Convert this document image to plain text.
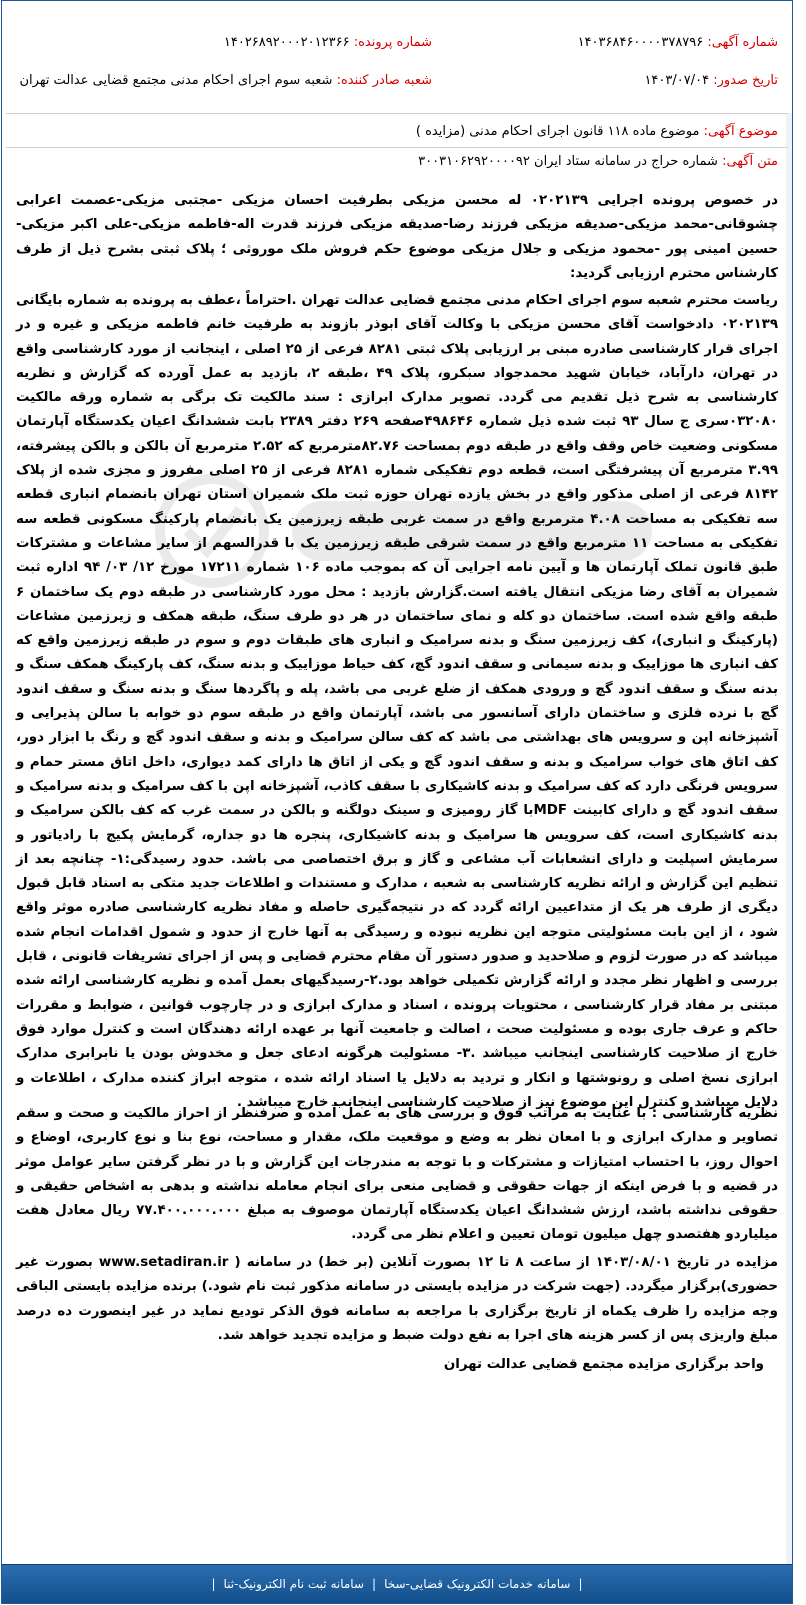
شماره آگهی: ۱۴۰۳۶۸۴۶۰۰۰۰۳۷۸۷۹۶
شماره پرونده: ۱۴۰۲۶۸۹۲۰۰۰۲۰۱۲۳۶۶
تاریخ صدور: ۱۴۰۳/۰۷/۰۴
شعبه صادر کننده: شعبه سوم اجرای احکام مدنی مجتمع قضایی عدالت تهران
موضوع آگهی: موضوع ماده ۱۱۸ قانون اجرای احکام مدنی (مزایده )
متن آگهی: شماره حراج در سامانه ستاد ایران ۳۰۰۳۱۰۶۲۹۲۰۰۰۰۹۲
در خصوص پرونده اجرایی ۰۲۰۲۱۳۹ له محسن مزیکی بطرفیت احسان مزیکی -مجتبی مزیکی-عصمت اعرابی چشوقانی-محمد مزیکی-صدیقه مزیکی فرزند رضا-صدیقه مزیکی فرزند قدرت اله-فاطمه مزیکی-علی اکبر مزیکی-حسین امینی پور -محمود مزیکی و جلال مزیکی موضوع حکم فروش ملک موروثی ؛ پلاک ثبتی بشرح ذیل از طرف کارشناس محترم ارزیابی گردید:
ریاست محترم شعبه سوم اجرای احکام مدنی مجتمع قضایی عدالت تهران .احتراماً ،عطف به پرونده به شماره بایگانی ۰۲۰۲۱۳۹ دادخواست آقای محسن مزیکی با وکالت آقای ابوذر بازوند به طرفیت خانم فاطمه مزیکی و غیره و در اجرای قرار کارشناسی صادره مبنی بر ارزیابی پلاک ثبتی ۸۲۸۱ فرعی از ۲۵ اصلی ، اینجانب از مورد کارشناسی واقع در تهران، دارآباد، خیابان شهید محمدجواد سبکرو، پلاک ۴۹ ،طبقه ۲، بازدید به عمل آورده که گزارش و نظریه کارشناسی به شرح ذیل تقدیم می گردد. تصویر مدارک ابرازی : سند مالکیت تک برگی به شماره ورقه مالکیت ۰۳۲۰۸۰سری ج سال ۹۳ ثبت شده ذیل شماره ۴۹۸۶۴۶صفحه ۲۶۹ دفتر ۲۳۸۹ بابت ششدانگ اعیان یکدستگاه آپارتمان مسکونی وضعیت خاص وقف واقع در طبقه دوم بمساحت ۸۲.۷۶مترمربع که ۲.۵۲ مترمربع آن بالکن و بالکن پیشرفته، ۳.۹۹ مترمربع آن پیشرفتگی است، قطعه دوم تفکیکی شماره ۸۲۸۱ فرعی از ۲۵ اصلی مفروز و مجزی شده از پلاک ۸۱۴۲ فرعی از اصلی مذکور واقع در بخش یازده تهران حوزه ثبت ملک شمیران استان تهران بانضمام انباری قطعه سه تفکیکی به مساحت ۴.۰۸ مترمربع واقع در سمت غربی طبقه زیرزمین یک بانضمام پارکینگ مسکونی قطعه سه تفکیکی به مساحت ۱۱ مترمربع واقع در سمت شرقی طبقه زیرزمین یک با قدرالسهم از سایر مشاعات و مشترکات طبق قانون تملک آپارتمان ها و آیین نامه اجرایی آن که بموجب ماده ۱۰۶ شماره ۱۷۲۱۱ مورخ ۱۲/ ۰۳/ ۹۴ اداره ثبت شمیران به آقای رضا مزیکی انتقال یافته است.گزارش بازدید : محل مورد کارشناسی در طبقه دوم یک ساختمان ۶ طبقه واقع شده است. ساختمان دو کله و نمای ساختمان در هر دو طرف سنگ، طبقه همکف و زیرزمین مشاعات (پارکینگ و انباری)، کف زیرزمین سنگ و بدنه سرامیک و انباری های طبقات دوم و سوم در طبقه زیرزمین واقع که کف انباری ها موزاییک و بدنه سیمانی و سقف اندود گچ، کف حیاط موزاییک و بدنه سنگ، کف پارکینگ همکف سنگ و بدنه سنگ و سقف اندود گچ و ورودی همکف از ضلع غربی می باشد، پله و پاگردها سنگ و بدنه سنگ و سقف اندود گچ با نرده فلزی و ساختمان دارای آسانسور می باشد، آپارتمان واقع در طبقه سوم دو خوابه با سالن پذیرایی و آشپزخانه اپن و سرویس های بهداشتی می باشد که کف سالن سرامیک و بدنه و سقف اندود گچ و رنگ با ابزار دور، کف اتاق های خواب سرامیک و بدنه و سقف اندود گچ و یکی از اتاق ها دارای کمد دیواری، داخل اتاق مستر حمام و سرویس فرنگی دارد که کف سرامیک و بدنه کاشیکاری با سقف کاذب، آشپزخانه اپن با کف سرامیک و بدنه سرامیک و سقف اندود گچ و دارای کابینت MDFبا گاز رومیزی و سینک دولگنه و بالکن در سمت غرب که کف بالکن سرامیک و بدنه کاشیکاری است، کف سرویس ها سرامیک و بدنه کاشیکاری، پنجره ها دو جداره، گرمایش پکیج با رادیاتور و سرمایش اسپلیت و دارای انشعابات آب مشاعی و گاز و برق اختصاصی می باشد. حدود رسیدگی:۱- چنانچه بعد از تنظیم این گزارش و ارائه نظریه کارشناسی به شعبه ، مدارک و مستندات و اطلاعات جدید متکی به اسناد قابل قبول دیگری از طرف هر یک از متداعیین ارائه گردد که در نتیجه‌گیری حاصله و مفاد نظریه کارشناسی صادره موثر واقع شود ، از این بابت مسئولیتی متوجه این نظریه نبوده و رسیدگی به آنها خارج از حدود و شمول اقدامات انجام شده میباشد که در صورت لزوم و صلاحدید و صدور دستور آن مقام محترم قضایی و پس از اجرای تشریفات قانونی ، قابل بررسی و اظهار نظر مجدد و ارائه گزارش تکمیلی خواهد بود.۲-رسیدگیهای بعمل آمده و نظریه کارشناسی ارائه شده مبتنی بر مفاد قرار کارشناسی ، محتویات پرونده ، اسناد و مدارک ابرازی و در چارچوب قوانین ، ضوابط و مقررات حاکم و عرف جاری بوده و مسئولیت صحت ، اصالت و جامعیت آنها بر عهده ارائه دهندگان است و کنترل موارد فوق خارج از صلاحیت کارشناسی اینجانب میباشد .۳- مسئولیت هرگونه ادعای جعل و مخدوش بودن یا نابرابری مدارک ابرازی نسخ اصلی و رونوشتها و انکار و تردید به دلایل یا اسناد ارائه شده ، متوجه ابراز کننده مدارک ، اطلاعات و دلایل میباشد و کنترل این موضوع نیز از صلاحیت کارشناسی اینجانب خارج میباشد .
نظریه کارشناسی : با عنایت به مراتب فوق و بررسی های به عمل آمده و صرفنظر از احراز مالکیت و صحت و سقم تصاویر و مدارک ابرازی و با امعان نظر به وضع و موقعیت ملک، مقدار و مساحت، نوع بنا و نوع کاربری، اوضاع و احوال روز، با احتساب امتیازات و مشترکات و با توجه به مندرجات این گزارش و با در نظر گرفتن سایر عوامل موثر در قضیه و با فرض اینکه از جهات حقوقی و قضایی منعی برای انجام معامله نداشته و بدهی به اشخاص حقیقی و حقوقی نداشته باشد، ارزش ششدانگ اعیان یکدستگاه آپارتمان موصوف به مبلغ ۷۷.۴۰۰.۰۰۰.۰۰۰ ریال معادل هفت میلیاردو هفتصدو چهل میلیون تومان تعیین و اعلام نظر می گردد.
مزایده در تاریخ ۱۴۰۳/۰۸/۰۱ از ساعت ۸ تا ۱۲ بصورت آنلاین (بر خط) در سامانه ( www.setadiran.ir بصورت غیر حضوری)برگزار میگردد. (جهت شرکت در مزایده بایستی در سامانه مذکور ثبت نام شود.) برنده مزایده بایستی الباقی وجه مزایده را ظرف یکماه از تاریخ برگزاری با مراجعه به سامانه فوق الذکر تودیع نماید در غیر اینصورت ده درصد مبلغ واریزی پس از کسر هزینه های اجرا به نفع دولت ضبط و مزایده تجدید خواهد شد.
واحد برگزاری مزایده مجتمع قضایی عدالت تهران
|
سامانه خدمات الکترونیک قضایی-سخا
|
سامانه ثبت نام الکترونیک-ثنا
|
